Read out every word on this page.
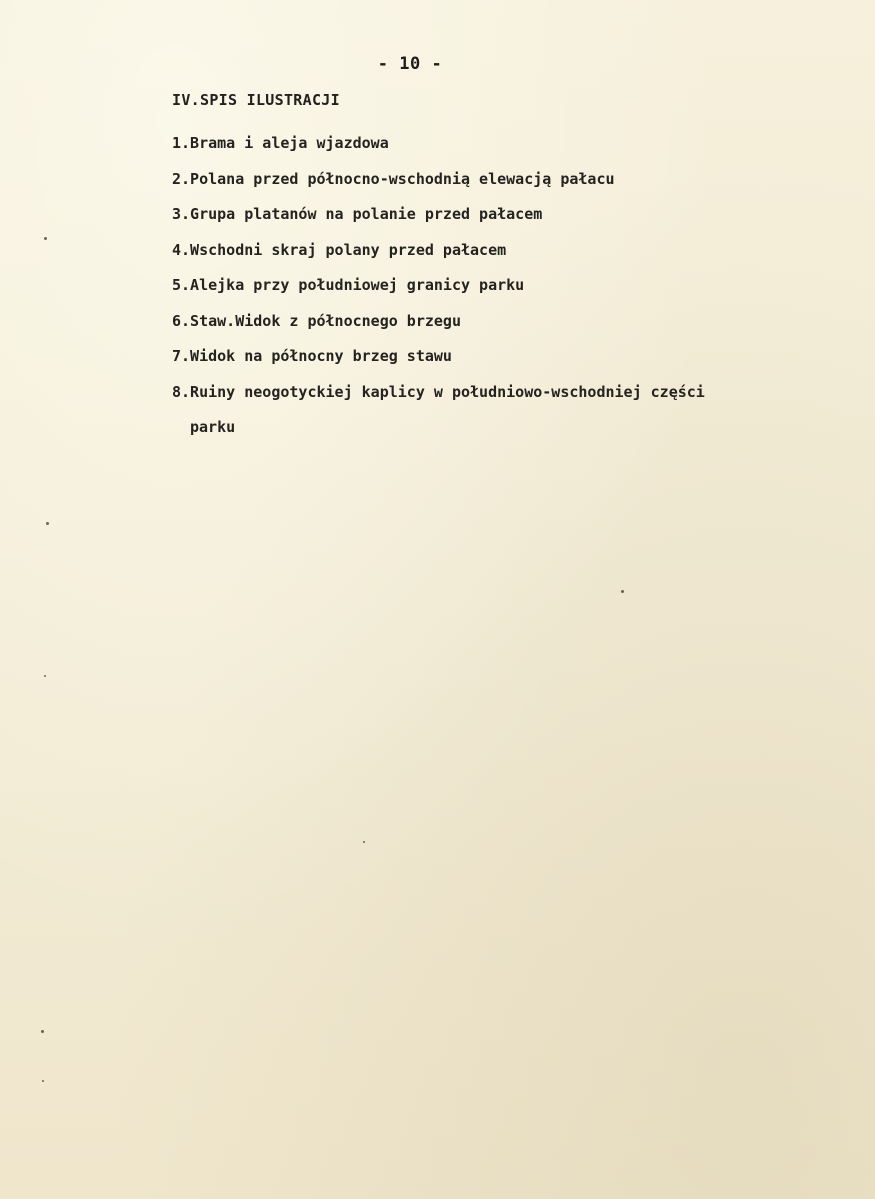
- 10 -
IV.SPIS ILUSTRACJI
1.Brama i aleja wjazdowa
2.Polana przed północno-wschodnią elewacją pałacu
3.Grupa platanów na polanie przed pałacem
4.Wschodni skraj polany przed pałacem
5.Alejka przy południowej granicy parku
6.Staw.Widok z północnego brzegu
7.Widok na północny brzeg stawu
8.Ruiny neogotyckiej kaplicy w południowo-wschodniej części
parku
